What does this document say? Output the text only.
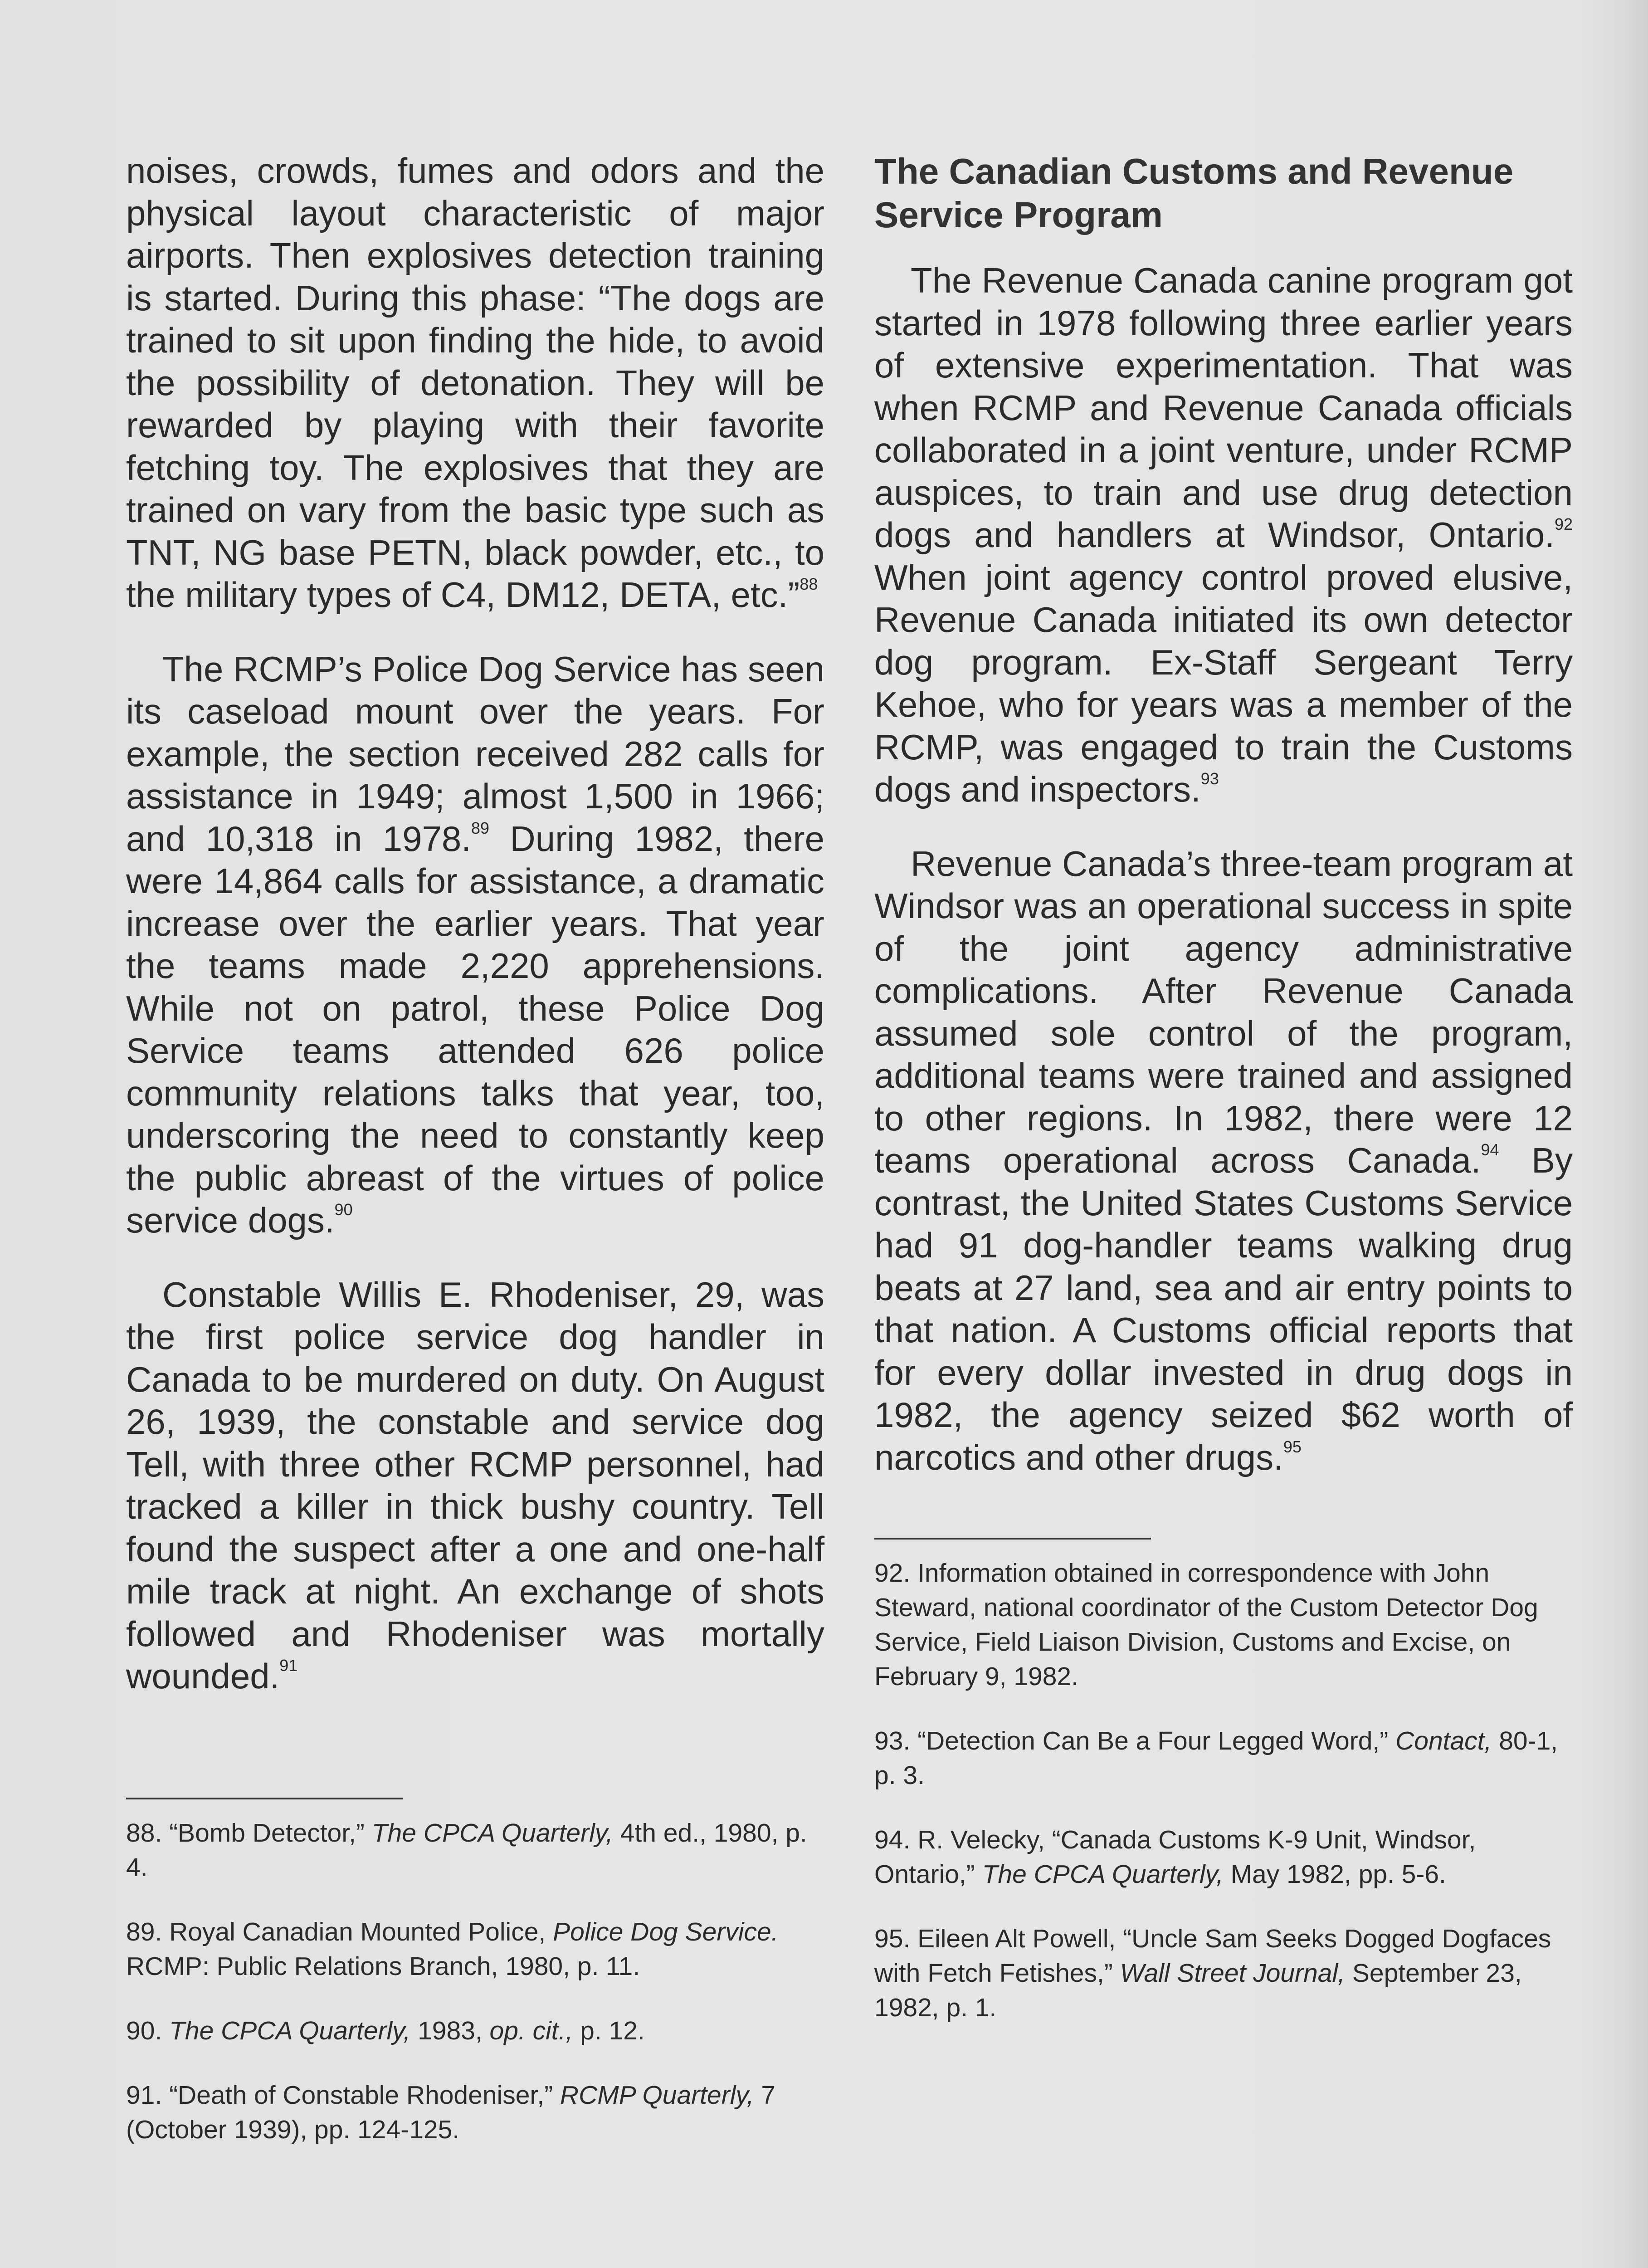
noises, crowds, fumes and odors and the physical layout characteristic of major airports. Then explosives detection training is started. During this phase: “The dogs are trained to sit upon finding the hide, to avoid the possibility of detonation. They will be rewarded by playing with their favorite fetching toy. The explosives that they are trained on vary from the basic type such as TNT, NG base PETN, black powder, etc., to the military types of C4, DM12, DETA, etc.”$^{88}$

The RCMP’s Police Dog Service has seen its caseload mount over the years. For example, the section received 282 calls for assistance in 1949; almost 1,500 in 1966; and 10,318 in 1978.89 During 1982, there were 14,864 calls for assistance, a dramatic increase over the earlier years. That year the teams made 2,220 apprehensions. While not on patrol, these Police Dog Service teams attended 626 police community relations talks that year, too, underscoring the need to constantly keep the public abreast of the virtues of police service dogs.$^{90}$

Constable Willis E. Rhodeniser, 29, was the first police service dog handler in Canada to be murdered on duty. On August 26, 1939, the constable and service dog Tell, with three other RCMP personnel, had tracked a killer in thick bushy country. Tell found the suspect after a one and one-half mile track at night. An exchange of shots followed and Rhodeniser was mortally wounded.$^{91}$

88. “Bomb Detector,” The CPCA Quarterly, 4th ed., 1980, p. 4.

89. Royal Canadian Mounted Police, Police Dog Service. RCMP: Public Relations Branch, 1980, p. 11.

90. The CPCA Quarterly, 1983, op. cit., p. 12.

91. “Death of Constable Rhodeniser,” RCMP Quarterly, 7 (October 1939), pp. 124-125.

The Canadian Customs and Revenue Service Program

The Revenue Canada canine program got started in 1978 following three earlier years of extensive experimentation. That was when RCMP and Revenue Canada officials collaborated in a joint venture, under RCMP auspices, to train and use drug detection dogs and handlers at Windsor, Ontario.$^{92}$ When joint agency control proved elusive, Revenue Canada initiated its own detector dog program. Ex-Staff Sergeant Terry Kehoe, who for years was a member of the RCMP, was engaged to train the Customs dogs and inspectors.$^{93}$

Revenue Canada’s three-team program at Windsor was an operational success in spite of the joint agency administrative complications. After Revenue Canada assumed sole control of the program, additional teams were trained and assigned to other regions. In 1982, there were 12 teams operational across Canada.$^{94}$ By contrast, the United States Customs Service had 91 dog-handler teams walking drug beats at 27 land, sea and air entry points to that nation. A Customs official reports that for every dollar invested in drug dogs in 1982, the agency seized $62 worth of narcotics and other drugs.$^{95}$

92. Information obtained in correspondence with John Steward, national coordinator of the Custom Detector Dog Service, Field Liaison Division, Customs and Excise, on February 9, 1982.

93. “Detection Can Be a Four Legged Word,” Contact, 80-1, p. 3.

94. R. Velecky, “Canada Customs K-9 Unit, Windsor, Ontario,” The CPCA Quarterly, May 1982, pp. 5-6.

95. Eileen Alt Powell, “Uncle Sam Seeks Dogged Dogfaces with Fetch Fetishes,” Wall Street Journal, September 23, 1982, p. 1.
